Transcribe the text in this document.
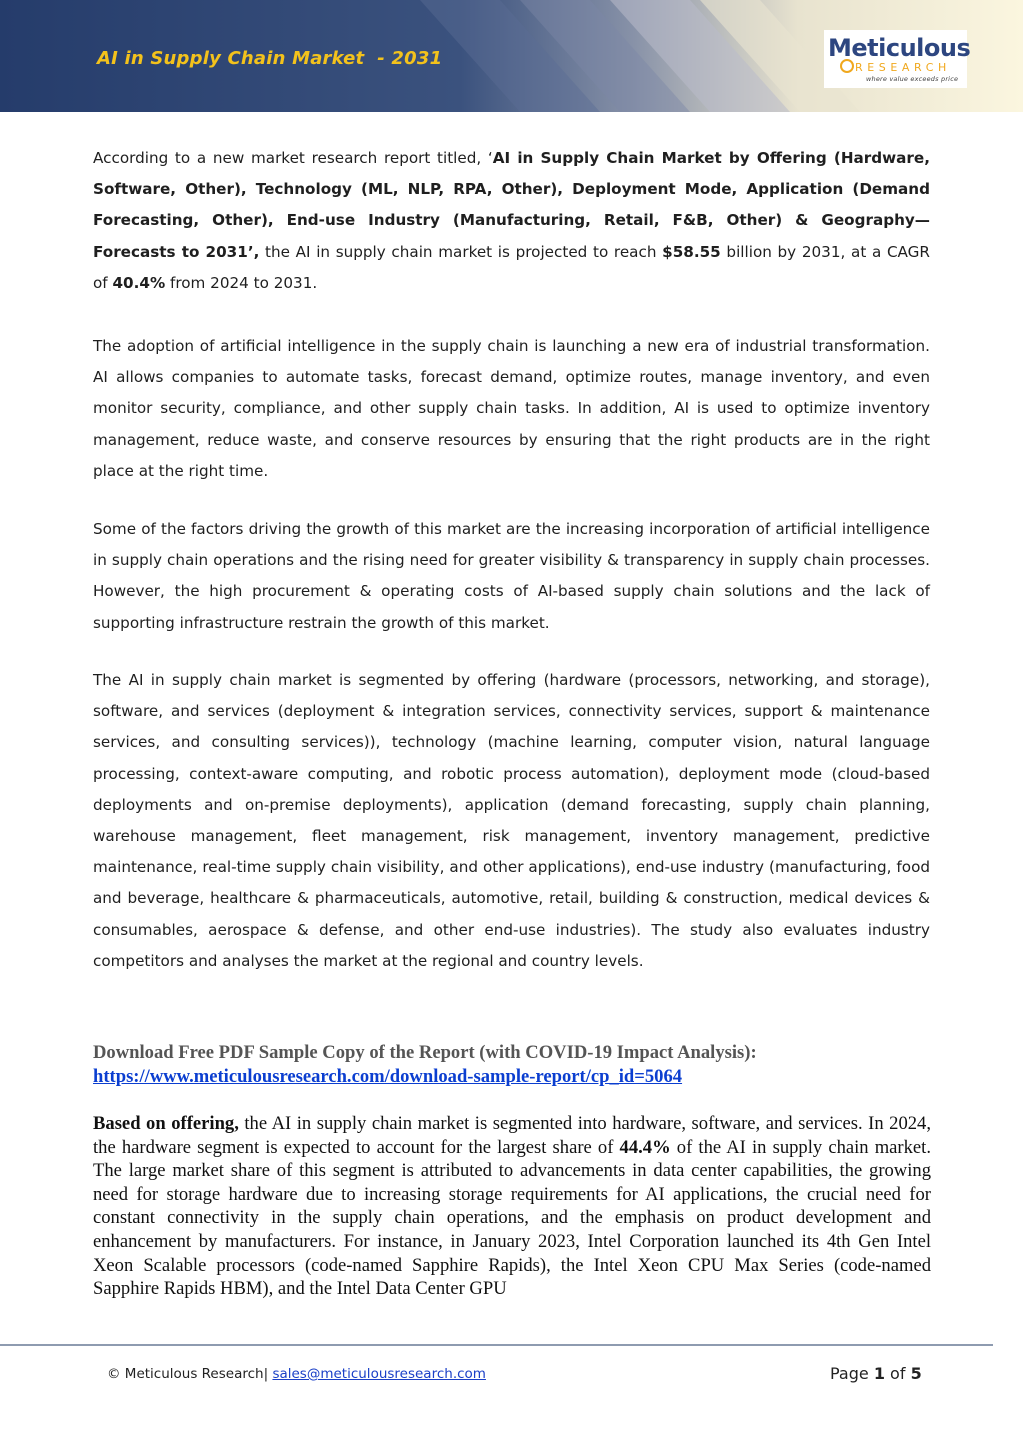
AI in Supply Chain Market  - 2031	Meticulous
RESEARCH
where value exceeds price

According to a new market research report titled, ‘AI in Supply Chain Market by Offering (Hardware, Software, Other), Technology (ML, NLP, RPA, Other), Deployment Mode, Application (Demand Forecasting, Other), End-use Industry (Manufacturing, Retail, F&B, Other) & Geography—Forecasts to 2031’, the AI in supply chain market is projected to reach $58.55 billion by 2031, at a CAGR of 40.4% from 2024 to 2031.

The adoption of artificial intelligence in the supply chain is launching a new era of industrial transformation. AI allows companies to automate tasks, forecast demand, optimize routes, manage inventory, and even monitor security, compliance, and other supply chain tasks. In addition, AI is used to optimize inventory management, reduce waste, and conserve resources by ensuring that the right products are in the right place at the right time.

Some of the factors driving the growth of this market are the increasing incorporation of artificial intelligence in supply chain operations and the rising need for greater visibility & transparency in supply chain processes. However, the high procurement & operating costs of AI-based supply chain solutions and the lack of supporting infrastructure restrain the growth of this market.

The AI in supply chain market is segmented by offering (hardware (processors, networking, and storage), software, and services (deployment & integration services, connectivity services, support & maintenance services, and consulting services)), technology (machine learning, computer vision, natural language processing, context-aware computing, and robotic process automation), deployment mode (cloud-based deployments and on-premise deployments), application (demand forecasting, supply chain planning, warehouse management, fleet management, risk management, inventory management, predictive maintenance, real-time supply chain visibility, and other applications), end-use industry (manufacturing, food and beverage, healthcare & pharmaceuticals, automotive, retail, building & construction, medical devices & consumables, aerospace & defense, and other end-use industries). The study also evaluates industry competitors and analyses the market at the regional and country levels.

Download Free PDF Sample Copy of the Report (with COVID-19 Impact Analysis):
https://www.meticulousresearch.com/download-sample-report/cp_id=5064

Based on offering, the AI in supply chain market is segmented into hardware, software, and services. In 2024, the hardware segment is expected to account for the largest share of 44.4% of the AI in supply chain market. The large market share of this segment is attributed to advancements in data center capabilities, the growing need for storage hardware due to increasing storage requirements for AI applications, the crucial need for constant connectivity in the supply chain operations, and the emphasis on product development and enhancement by manufacturers. For instance, in January 2023, Intel Corporation launched its 4th Gen Intel Xeon Scalable processors (code-named Sapphire Rapids), the Intel Xeon CPU Max Series (code-named Sapphire Rapids HBM), and the Intel Data Center GPU

© Meticulous Research| sales@meticulousresearch.com	Page 1 of 5
